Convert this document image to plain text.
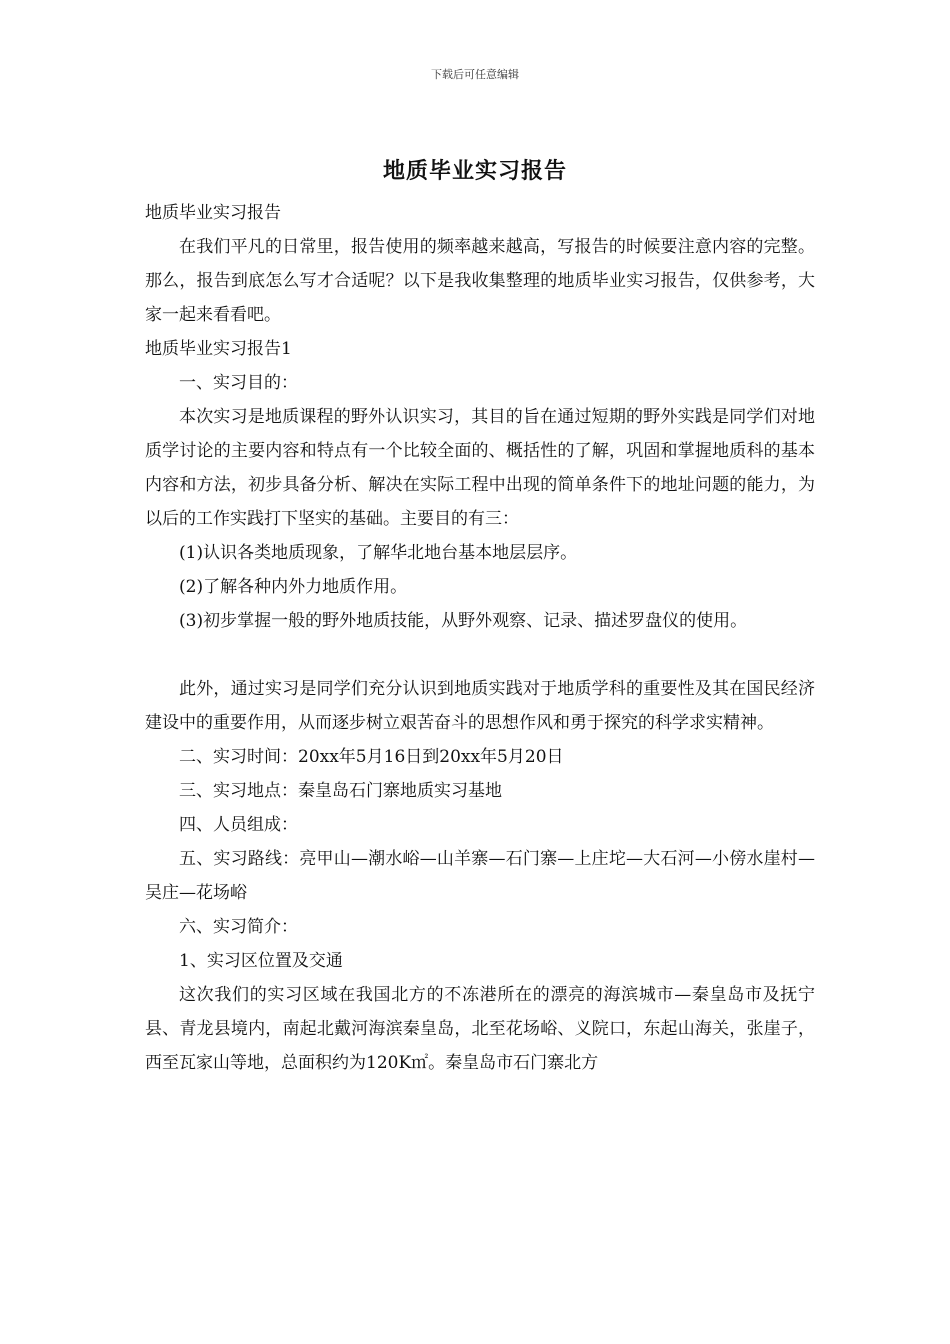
下载后可任意编辑
地质毕业实习报告

地质毕业实习报告

在我们平凡的日常里，报告使用的频率越来越高，写报告的时候要注意内容的完整。那么，报告到底怎么写才合适呢？以下是我收集整理的地质毕业实习报告，仅供参考，大家一起来看看吧。

地质毕业实习报告1

一、实习目的：

本次实习是地质课程的野外认识实习，其目的旨在通过短期的野外实践是同学们对地质学讨论的主要内容和特点有一个比较全面的、概括性的了解，巩固和掌握地质科的基本内容和方法，初步具备分析、解决在实际工程中出现的简单条件下的地址问题的能力，为以后的工作实践打下坚实的基础。主要目的有三：

(1)认识各类地质现象，了解华北地台基本地层层序。

(2)了解各种内外力地质作用。

(3)初步掌握一般的野外地质技能，从野外观察、记录、描述罗盘仪的使用。

此外，通过实习是同学们充分认识到地质实践对于地质学科的重要性及其在国民经济建设中的重要作用，从而逐步树立艰苦奋斗的思想作风和勇于探究的科学求实精神。

二、实习时间：20xx年5月16日到20xx年5月20日

三、实习地点：秦皇岛石门寨地质实习基地

四、人员组成：

五、实习路线：亮甲山—潮水峪—山羊寨—石门寨—上庄坨—大石河—小傍水崖村—吴庄—花场峪

六、实习简介：

1、实习区位置及交通

这次我们的实习区域在我国北方的不冻港所在的漂亮的海滨城市—秦皇岛市及抚宁县、青龙县境内，南起北戴河海滨秦皇岛，北至花场峪、义院口，东起山海关，张崖子，西至瓦家山等地，总面积约为120K㎡。秦皇岛市石门寨北方
